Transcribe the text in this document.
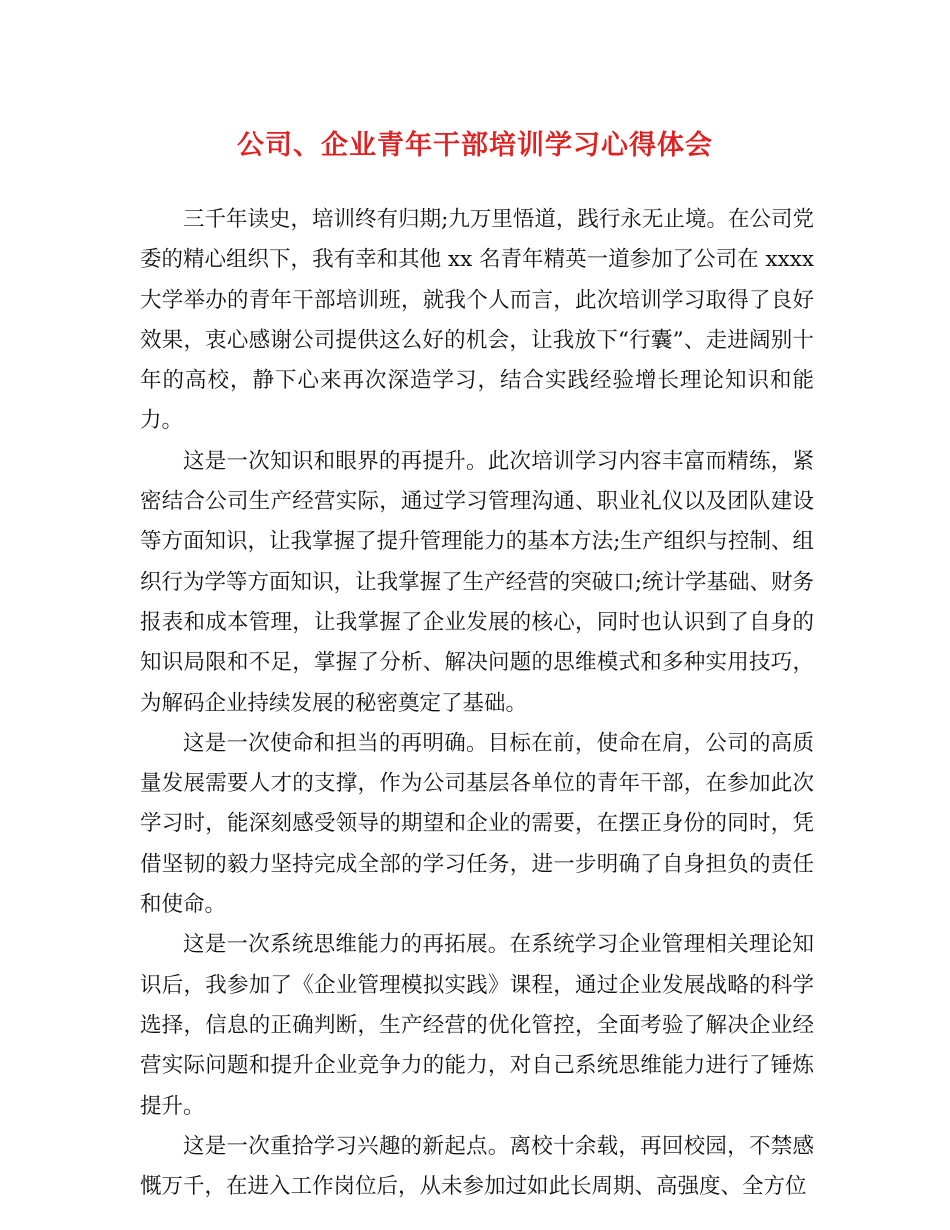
公司、企业青年干部培训学习心得体会

三千年读史，培训终有归期;九万里悟道，践行永无止境。在公司党委的精心组织下，我有幸和其他 xx 名青年精英一道参加了公司在 xxxx 大学举办的青年干部培训班，就我个人而言，此次培训学习取得了良好效果，衷心感谢公司提供这么好的机会，让我放下“行囊”、走进阔别十年的高校，静下心来再次深造学习，结合实践经验增长理论知识和能力。

这是一次知识和眼界的再提升。此次培训学习内容丰富而精练，紧密结合公司生产经营实际，通过学习管理沟通、职业礼仪以及团队建设等方面知识，让我掌握了提升管理能力的基本方法;生产组织与控制、组织行为学等方面知识，让我掌握了生产经营的突破口;统计学基础、财务报表和成本管理，让我掌握了企业发展的核心，同时也认识到了自身的知识局限和不足，掌握了分析、解决问题的思维模式和多种实用技巧，为解码企业持续发展的秘密奠定了基础。

这是一次使命和担当的再明确。目标在前，使命在肩，公司的高质量发展需要人才的支撑，作为公司基层各单位的青年干部，在参加此次学习时，能深刻感受领导的期望和企业的需要，在摆正身份的同时，凭借坚韧的毅力坚持完成全部的学习任务，进一步明确了自身担负的责任和使命。

这是一次系统思维能力的再拓展。在系统学习企业管理相关理论知识后，我参加了《企业管理模拟实践》课程，通过企业发展战略的科学选择，信息的正确判断，生产经营的优化管控，全面考验了解决企业经营实际问题和提升企业竞争力的能力，对自己系统思维能力进行了锤炼提升。

这是一次重拾学习兴趣的新起点。离校十余载，再回校园，不禁感慨万千，在进入工作岗位后，从未参加过如此长周期、高强度、全方位
